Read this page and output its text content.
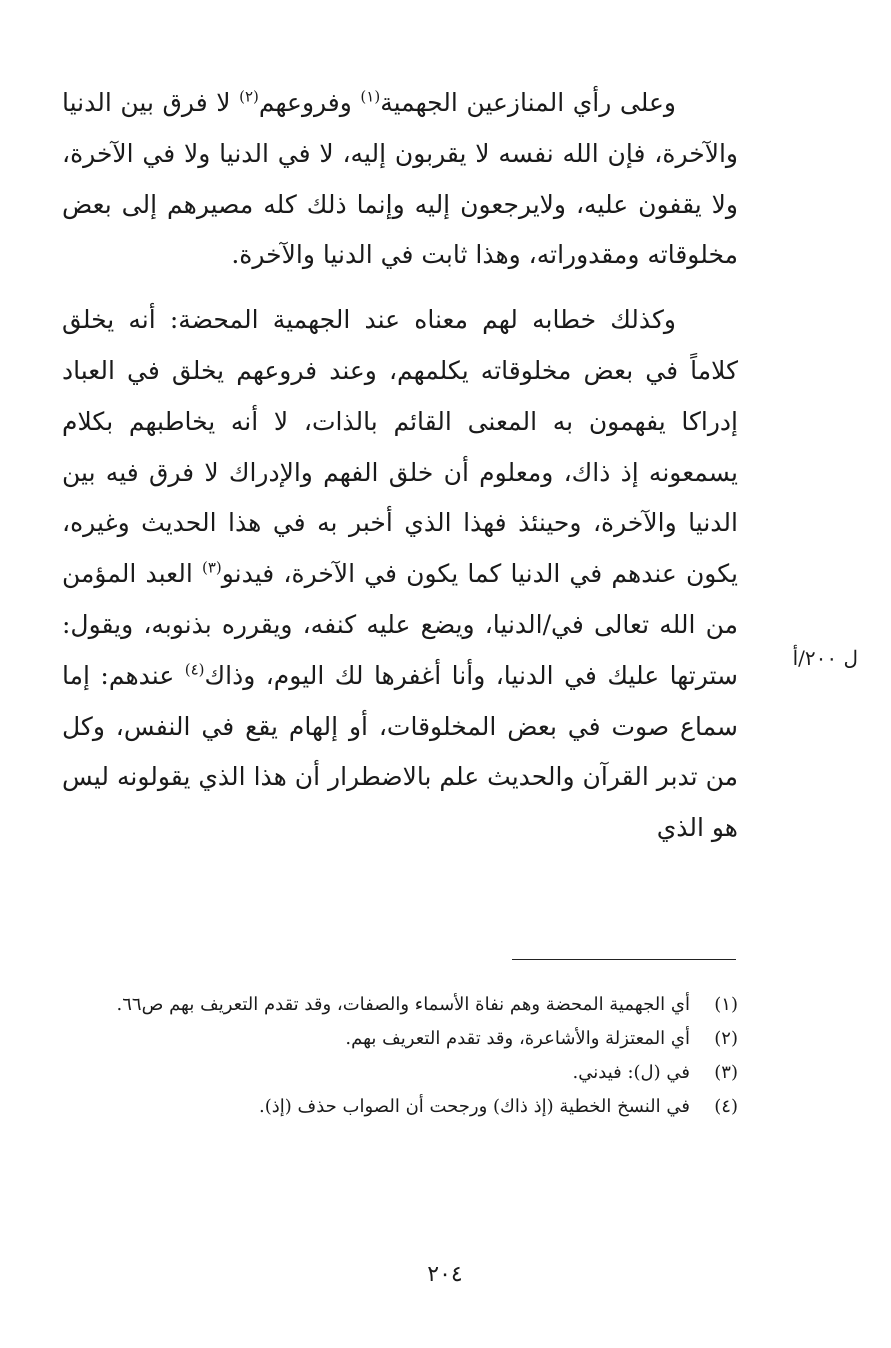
وعلى رأي المنازعين الجهمية$^{(١)}$ وفروعهم$^{(٢)}$ لا فرق بين الدنيا والآخرة، فإن الله نفسه لا يقربون إليه، لا في الدنيا ولا في الآخرة، ولا يقفون عليه، ولايرجعون إليه وإنما ذلك كله مصيرهم إلى بعض مخلوقاته ومقدوراته، وهذا ثابت في الدنيا والآخرة.

وكذلك خطابه لهم معناه عند الجهمية المحضة: أنه يخلق كلاماً في بعض مخلوقاته يكلمهم، وعند فروعهم يخلق في العباد إدراكا يفهمون به المعنى القائم بالذات، لا أنه يخاطبهم بكلام يسمعونه إذ ذاك، ومعلوم أن خلق الفهم والإدراك لا فرق فيه بين الدنيا والآخرة، وحينئذ فهذا الذي أخبر به في هذا الحديث وغيره، يكون عندهم في الدنيا كما يكون في الآخرة، فيدنو$^{(٣)}$ العبد المؤمن من الله تعالى في/الدنيا، ويضع عليه كنفه، ويقرره بذنوبه، ويقول: سترتها عليك في الدنيا، وأنا أغفرها لك اليوم، وذاك$^{(٤)}$ عندهم: إما سماع صوت في بعض المخلوقات، أو إلهام يقع في النفس، وكل من تدبر القرآن والحديث علم بالاضطرار أن هذا الذي يقولونه ليس هو الذي

ل ٢٠٠/أ
(١)
أي الجهمية المحضة وهم نفاة الأسماء والصفات، وقد تقدم التعريف بهم ص٦٦.
(٢)
أي المعتزلة والأشاعرة، وقد تقدم التعريف بهم.
(٣)
في (ل): فيدني.
(٤)
في النسخ الخطية (إذ ذاك) ورجحت أن الصواب حذف (إذ).
٢٠٤
